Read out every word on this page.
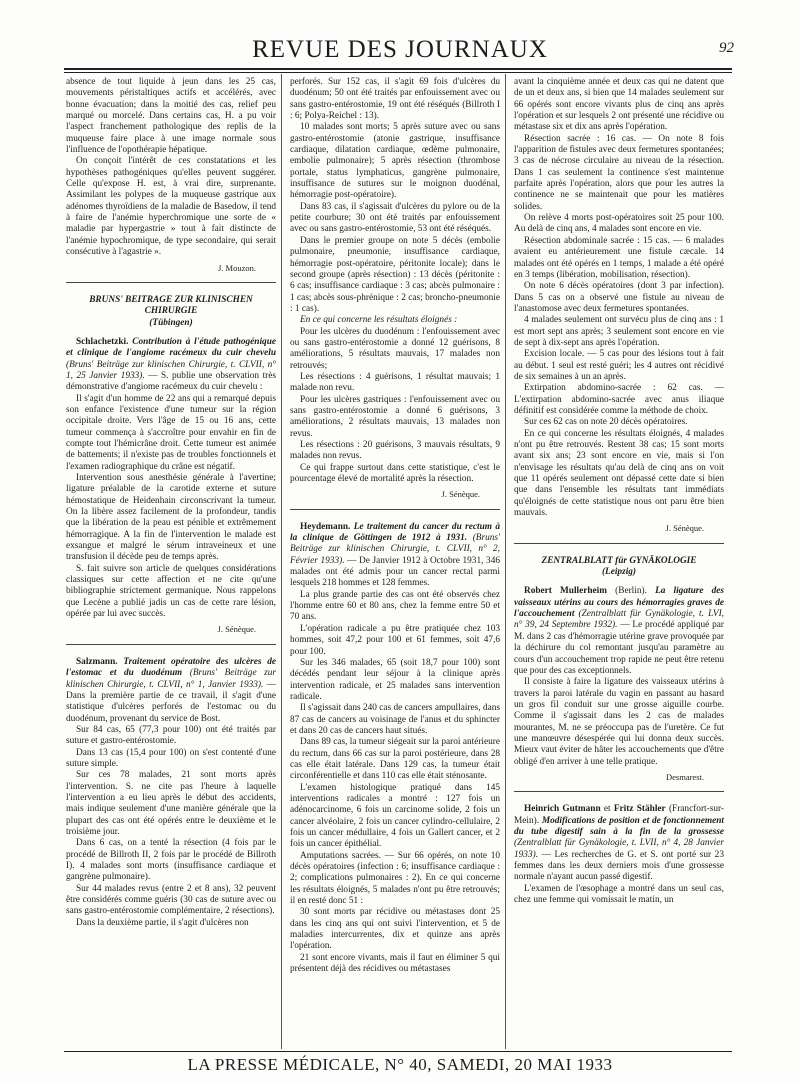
REVUE DES JOURNAUX	92

absence de tout liquide à jeun dans les 25 cas, mouvements péristaltiques actifs et accélérés, avec bonne évacuation; dans la moitié des cas, relief peu marqué ou morcelé. Dans certains cas, H. a pu voir l'aspect franchement pathologique des replis de la muqueuse faire place à une image normale sous l'influence de l'opothérapie hépatique.

On conçoit l'intérêt de ces constatations et les hypothèses pathogéniques qu'elles peuvent suggérer. Celle qu'expose H. est, à vrai dire, surprenante. Assimilant les polypes de la muqueuse gastrique aux adénomes thyroïdiens de la maladie de Basedow, il tend à faire de l'anémie hyperchromique une sorte de « maladie par hypergastrie » tout à fait distincte de l'anémie hypochromique, de type secondaire, qui serait consécutive à l'agastrie ».

J. Mouzon.
BRUNS' BEITRAGE ZUR KLINISCHEN CHIRURGIE
(Tübingen)

Schlachetzki. Contribution à l'étude pathogénique et clinique de l'angiome racémeux du cuir chevelu (Bruns' Beiträge zur klinischen Chirurgie, t. CLVII, n° 1, 25 Janvier 1933). — S. publie une observation très démonstrative d'angiome racémeux du cuir chevelu :

Il s'agit d'un homme de 22 ans qui a remarqué depuis son enfance l'existence d'une tumeur sur la région occipitale droite. Vers l'âge de 15 ou 16 ans, cette tumeur commença à s'accroître pour envahir en fin de compte tout l'hémicrâne droit. Cette tumeur est animée de battements; il n'existe pas de troubles fonctionnels et l'examen radiographique du crâne est négatif.

Intervention sous anesthésie générale à l'avertine; ligature préalable de la carotide externe et suture hémostatique de Heidenhain circonscrivant la tumeur. On la libère assez facilement de la profondeur, tandis que la libération de la peau est pénible et extrêmement hémorragique. A la fin de l'intervention le malade est exsangue et malgré le sérum intraveineux et une transfusion il décède peu de temps après.

S. fait suivre son article de quelques considérations classiques sur cette affection et ne cite qu'une bibliographie strictement germanique. Nous rappelons que Lecène a publié jadis un cas de cette rare lésion, opérée par lui avec succès.

J. Sénèque.

Salzmann. Traitement opératoire des ulcères de l'estomac et du duodénum (Bruns' Beiträge zur klinischen Chirurgie, t. CLVII, n° 1, Janvier 1933). — Dans la première partie de ce travail, il s'agit d'une statistique d'ulcères perforés de l'estomac ou du duodénum, provenant du service de Bost.

Sur 84 cas, 65 (77,3 pour 100) ont été traités par suture et gastro-entérostomie.

Dans 13 cas (15,4 pour 100) on s'est contenté d'une suture simple.

Sur ces 78 malades, 21 sont morts après l'intervention. S. ne cite pas l'heure à laquelle l'intervention a eu lieu après le début des accidents, mais indique seulement d'une manière générale que la plupart des cas ont été opérés entre le deuxième et le troisième jour.

Dans 6 cas, on a tenté la résection (4 fois par le procédé de Billroth II, 2 fois par le procédé de Billroth I). 4 malades sont morts (insuffisance cardiaque et gangrène pulmonaire).

Sur 44 malades revus (entre 2 et 8 ans), 32 peuvent être considérés comme guéris (30 cas de suture avec ou sans gastro-entérostomie complémentaire, 2 résections).

Dans la deuxième partie, il s'agit d'ulcères non

perforés. Sur 152 cas, il s'agit 69 fois d'ulcères du duodénum; 50 ont été traités par enfouissement avec ou sans gastro-entérostomie, 19 ont été réséqués (Billroth I : 6; Polya-Reichel : 13).

10 malades sont morts; 5 après suture avec ou sans gastro-entérostomie (atonie gastrique, insuffisance cardiaque, dilatation cardiaque, œdème pulmonaire, embolie pulmonaire); 5 après résection (thrombose portale, status lymphaticus, gangrène pulmonaire, insuffisance de sutures sur le moignon duodénal, hémorragie post-opératoire).

Dans 83 cas, il s'agissait d'ulcères du pylore ou de la petite courbure; 30 ont été traités par enfouissement avec ou sans gastro-entérostomie, 53 ont été réséqués.

Dans le premier groupe on note 5 décès (embolie pulmonaire, pneumonie, insuffisance cardiaque, hémorragie post-opératoire, péritonite locale); dans le second groupe (après résection) : 13 décès (péritonite : 6 cas; insuffisance cardiaque : 3 cas; abcès pulmonaire : 1 cas; abcès sous-phrénique : 2 cas; broncho-pneumonie : 1 cas).

En ce qui concerne les résultats éloignés :

Pour les ulcères du duodénum : l'enfouissement avec ou sans gastro-entérostomie a donné 12 guérisons, 8 améliorations, 5 résultats mauvais, 17 malades non retrouvés;

Les résections : 4 guérisons, 1 résultat mauvais; 1 malade non revu.

Pour les ulcères gastriques : l'enfouissement avec ou sans gastro-entérostomie a donné 6 guérisons, 3 améliorations, 2 résultats mauvais, 13 malades non revus.

Les résections : 20 guérisons, 3 mauvais résultats, 9 malades non revus.

Ce qui frappe surtout dans cette statistique, c'est le pourcentage élevé de mortalité après la résection.

J. Sénèque.

Heydemann. Le traitement du cancer du rectum à la clinique de Göttingen de 1912 à 1931. (Bruns' Beiträge zur klinischen Chirurgie, t. CLVII, n° 2, Février 1933). — De Janvier 1912 à Octobre 1931, 346 malades ont été admis pour un cancer rectal parmi lesquels 218 hommes et 128 femmes.

La plus grande partie des cas ont été observés chez l'homme entre 60 et 80 ans, chez la femme entre 50 et 70 ans.

L'opération radicale a pu être pratiquée chez 103 hommes, soit 47,2 pour 100 et 61 femmes, soit 47,6 pour 100.

Sur les 346 malades, 65 (soit 18,7 pour 100) sont décédés pendant leur séjour à la clinique après intervention radicale, et 25 malades sans intervention radicale.

Il s'agissait dans 240 cas de cancers ampullaires, dans 87 cas de cancers au voisinage de l'anus et du sphincter et dans 20 cas de cancers haut situés.

Dans 89 cas, la tumeur siégeait sur la paroi antérieure du rectum, dans 66 cas sur la paroi postérieure, dans 28 cas elle était latérale. Dans 129 cas, la tumeur était circonférentielle et dans 110 cas elle était sténosante.

L'examen histologique pratiqué dans 145 interventions radicales a montré : 127 fois un adénocarcinome, 6 fois un carcinome solide, 2 fois un cancer alvéolaire, 2 fois un cancer cylindro-cellulaire, 2 fois un cancer médullaire, 4 fois un Gallert cancer, et 2 fois un cancer épithélial.

Amputations sacrées. — Sur 66 opérés, on note 10 décès opératoires (infection : 6; insuffisance cardiaque : 2; complications pulmonaires : 2). En ce qui concerne les résultats éloignés, 5 malades n'ont pu être retrouvés; il en resté donc 51 :

30 sont morts par récidive ou métastases dont 25 dans les cinq ans qui ont suivi l'intervention, et 5 de maladies intercurrentes, dix et quinze ans après l'opération.

21 sont encore vivants, mais il faut en éliminer 5 qui présentent déjà des récidives ou métastases

avant la cinquième année et deux cas qui ne datent que de un et deux ans, si bien que 14 malades seulement sur 66 opérés sont encore vivants plus de cinq ans après l'opération et sur lesquels 2 ont présenté une récidive ou métastase six et dix ans après l'opération.

Résection sacrée : 16 cas. — On note 8 fois l'apparition de fistules avec deux fermetures spontanées; 3 cas de nécrose circulaire au niveau de la résection. Dans 1 cas seulement la continence s'est maintenue parfaite après l'opération, alors que pour les autres la continence ne se maintenait que pour les matières solides.

On relève 4 morts post-opératoires soit 25 pour 100. Au delà de cinq ans, 4 malades sont encore en vie.

Résection abdominale sacrée : 15 cas. — 6 malades avaient eu antérieurement une fistule cæcale. 14 malades ont été opérés en 1 temps, 1 malade a été opéré en 3 temps (libération, mobilisation, résection).

On note 6 décès opératoires (dont 3 par infection). Dans 5 cas on a observé une fistule au niveau de l'anastomose avec deux fermetures spontanées.

4 malades seulement ont survécu plus de cinq ans : 1 est mort sept ans après; 3 seulement sont encore en vie de sept à dix-sept ans après l'opération.

Excision locale. — 5 cas pour des lésions tout à fait au début. 1 seul est resté guéri; les 4 autres ont récidivé de six semaines à un an après.

Extirpation abdomino-sacrée : 62 cas. — L'extirpation abdomino-sacrée avec anus iliaque définitif est considérée comme la méthode de choix.

Sur ces 62 cas on note 20 décès opératoires.

En ce qui concerne les résultats éloignés, 4 malades n'ont pu être retrouvés. Restent 38 cas; 15 sont morts avant six ans; 23 sont encore en vie, mais si l'on n'envisage les résultats qu'au delà de cinq ans on voit que 11 opérés seulement ont dépassé cette date si bien que dans l'ensemble les résultats tant immédiats qu'éloignés de cette statistique nous ont paru être bien mauvais.

J. Sénèque.
ZENTRALBLATT für GYNÄKOLOGIE
(Leipzig)

Robert Mullerheim (Berlin). La ligature des vaisseaux utérins au cours des hémorragies graves de l'accouchement (Zentralblatt für Gynäkologie, t. LVI, n° 39, 24 Septembre 1932). — Le procédé appliqué par M. dans 2 cas d'hémorragie utérine grave provoquée par la déchirure du col remontant jusqu'au paramètre au cours d'un accouchement trop rapide ne peut être retenu que pour des cas exceptionnels.

Il consiste à faire la ligature des vaisseaux utérins à travers la paroi latérale du vagin en passant au hasard un gros fil conduit sur une grosse aiguille courbe. Comme il s'agissait dans les 2 cas de malades mourantes, M. ne se préoccupa pas de l'uretère. Ce fut une manœuvre désespérée qui lui donna deux succès. Mieux vaut éviter de hâter les accouchements que d'être obligé d'en arriver à une telle pratique.

Desmarest.

Heinrich Gutmann et Fritz Stähler (Francfort-sur-Mein). Modifications de position et de fonctionnement du tube digestif sain à la fin de la grossesse (Zentralblatt für Gynäkologie, t. LVII, n° 4, 28 Janvier 1933). — Les recherches de G. et S. ont porté sur 23 femmes dans les deux derniers mois d'une grossesse normale n'ayant aucun passé digestif.

L'examen de l'œsophage a montré dans un seul cas, chez une femme qui vomissait le matin, un

LA PRESSE MÉDICALE, N° 40, SAMEDI, 20 MAI 1933
